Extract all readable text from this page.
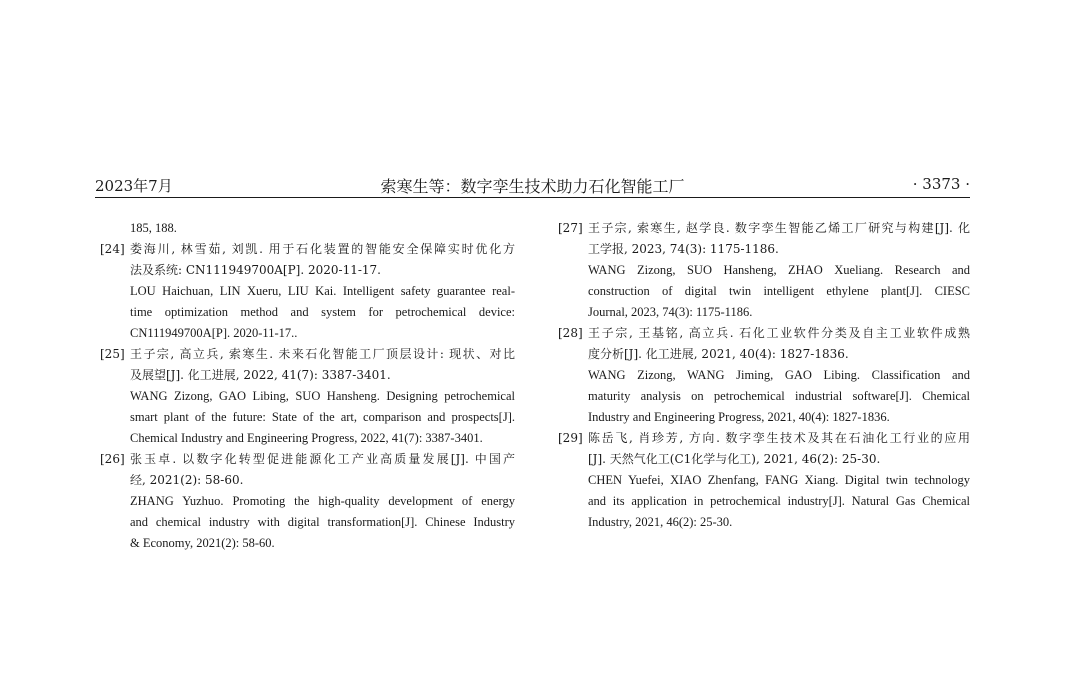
2023年7月	索寒生等：数字孪生技术助力石化智能工厂	· 3373 ·
185, 188.
[24] 娄海川, 林雪茹, 刘凯. 用于石化装置的智能安全保障实时优化方
法及系统: CN111949700A[P]. 2020-11-17.
LOU Haichuan, LIN Xueru, LIU Kai. Intelligent safety guarantee real-
time optimization method and system for petrochemical device:
CN111949700A[P]. 2020-11-17..
[25] 王子宗, 高立兵, 索寒生. 未来石化智能工厂顶层设计: 现状、对比
及展望[J]. 化工进展, 2022, 41(7): 3387-3401.
WANG Zizong, GAO Libing, SUO Hansheng. Designing petrochemical
smart plant of the future: State of the art, comparison and prospects[J].
Chemical Industry and Engineering Progress, 2022, 41(7): 3387-3401.
[26] 张玉卓. 以数字化转型促进能源化工产业高质量发展[J]. 中国产
经, 2021(2): 58-60.
ZHANG Yuzhuo. Promoting the high-quality development of energy
and chemical industry with digital transformation[J]. Chinese Industry
& Economy, 2021(2): 58-60.
[27] 王子宗, 索寒生, 赵学良. 数字孪生智能乙烯工厂研究与构建[J]. 化
工学报, 2023, 74(3): 1175-1186.
WANG Zizong, SUO Hansheng, ZHAO Xueliang. Research and
construction of digital twin intelligent ethylene plant[J]. CIESC
Journal, 2023, 74(3): 1175-1186.
[28] 王子宗, 王基铭, 高立兵. 石化工业软件分类及自主工业软件成熟
度分析[J]. 化工进展, 2021, 40(4): 1827-1836.
WANG Zizong, WANG Jiming, GAO Libing. Classification and
maturity analysis on petrochemical industrial software[J]. Chemical
Industry and Engineering Progress, 2021, 40(4): 1827-1836.
[29] 陈岳飞, 肖珍芳, 方向. 数字孪生技术及其在石油化工行业的应用
[J]. 天然气化工(C1化学与化工), 2021, 46(2): 25-30.
CHEN Yuefei, XIAO Zhenfang, FANG Xiang. Digital twin technology
and its application in petrochemical industry[J]. Natural Gas Chemical
Industry, 2021, 46(2): 25-30.
